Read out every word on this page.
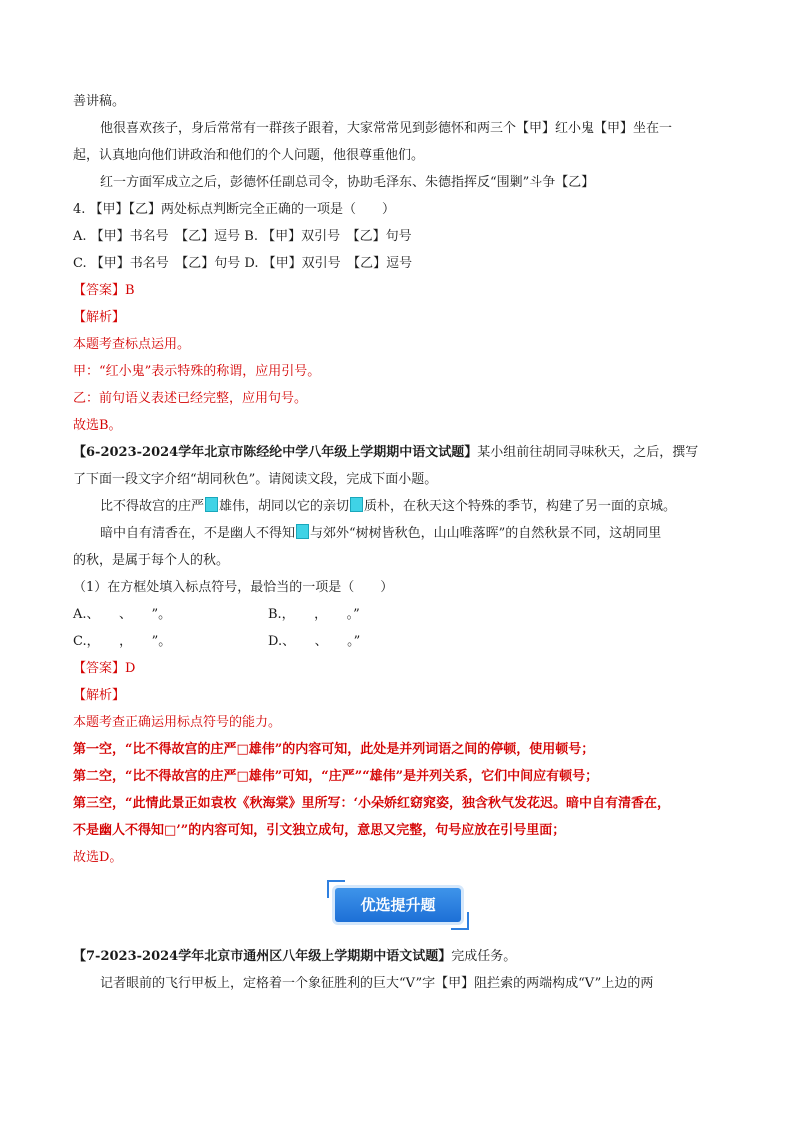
善讲稿。
他很喜欢孩子，身后常常有一群孩子跟着，大家常常见到彭德怀和两三个【甲】红小鬼【甲】坐在一
起，认真地向他们讲政治和他们的个人问题，他很尊重他们。
红一方面军成立之后，彭德怀任副总司令，协助毛泽东、朱德指挥反“围剿”斗争【乙】
4. 【甲】【乙】两处标点判断完全正确的一项是（　　）
A. 【甲】书名号　【乙】逗号 B. 【甲】双引号　【乙】句号
C. 【甲】书名号　【乙】句号 D. 【甲】双引号　【乙】逗号
【答案】B
【解析】
本题考查标点运用。
甲：“红小鬼”表示特殊的称谓，应用引号。
乙：前句语义表述已经完整，应用句号。
故选B。
【6-2023-2024学年北京市陈经纶中学八年级上学期期中语文试题】某小组前往胡同寻味秋天，之后，撰写
了下面一段文字介绍“胡同秋色”。请阅读文段，完成下面小题。
比不得故宫的庄严 雄伟，胡同以它的亲切 质朴，在秋天这个特殊的季节，构建了另一面的京城。
暗中自有清香在，不是幽人不得知 与郊外“树树皆秋色，山山唯落晖”的自然秋景不同，这胡同里
的秋，是属于每个人的秋。
（1）在方框处填入标点符号，最恰当的一项是（　　）
A.、　　、　　”。	B.，　　，　　。”
C.，　　，　　”。	D.、　　、　　。”
【答案】D
【解析】
本题考查正确运用标点符号的能力。
第一空，“比不得故宫的庄严□雄伟”的内容可知，此处是并列词语之间的停顿，使用顿号；
第二空，“比不得故宫的庄严□雄伟”可知，“庄严”“雄伟”是并列关系，它们中间应有顿号；
第三空，“此情此景正如袁枚《秋海棠》里所写：‘小朵娇红窈窕姿，独含秋气发花迟。暗中自有清香在，
不是幽人不得知□’”的内容可知，引文独立成句，意思又完整，句号应放在引号里面；
故选D。
优选提升题
【7-2023-2024学年北京市通州区八年级上学期期中语文试题】完成任务。
记者眼前的飞行甲板上，定格着一个象征胜利的巨大“V”字【甲】阻拦索的两端构成“V”上边的两
